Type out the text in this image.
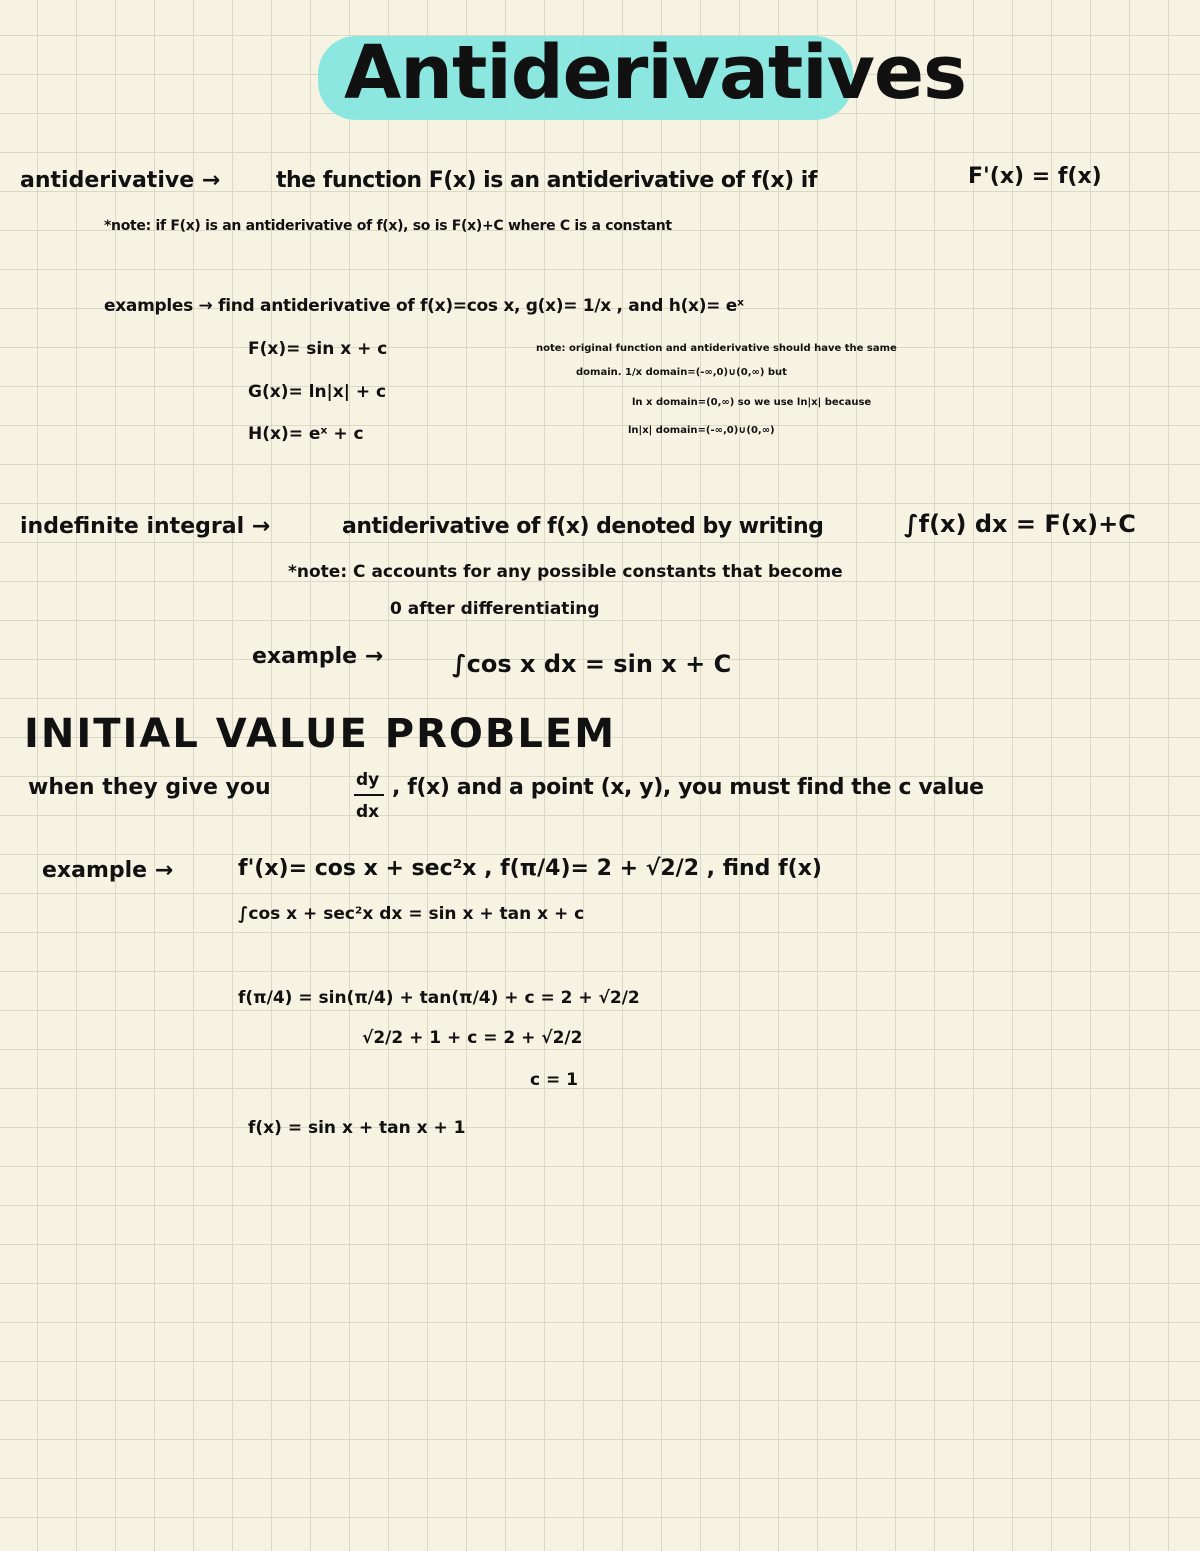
Antiderivatives
antiderivative →	the function F(x) is an antiderivative of f(x) if	F'(x) = f(x)
*note: if F(x) is an antiderivative of f(x), so is F(x)+C where C is a constant
examples → find antiderivative of f(x)=cos x, g(x)= 1/x , and h(x)= eˣ
F(x)= sin x + c
G(x)= ln|x| + c
H(x)= eˣ + c
note: original function and antiderivative should have the same
domain. 1/x domain=(-∞,0)∪(0,∞) but
ln x domain=(0,∞) so we use ln|x| because
ln|x| domain=(-∞,0)∪(0,∞)
indefinite integral →	antiderivative of f(x) denoted by writing	∫f(x) dx = F(x)+C
*note: C accounts for any possible constants that become
0 after differentiating
example →	∫cos x dx = sin x + C
INITIAL VALUE PROBLEM
when they give you	dy
dx
, f(x) and a point (x, y), you must find the c value
example →	f'(x)= cos x + sec²x , f(π/4)= 2 + √2/2 , find f(x)
∫cos x + sec²x dx = sin x + tan x + c
f(π/4) = sin(π/4) + tan(π/4) + c = 2 + √2/2
√2/2 + 1 + c = 2 + √2/2
c = 1
f(x) = sin x + tan x + 1
